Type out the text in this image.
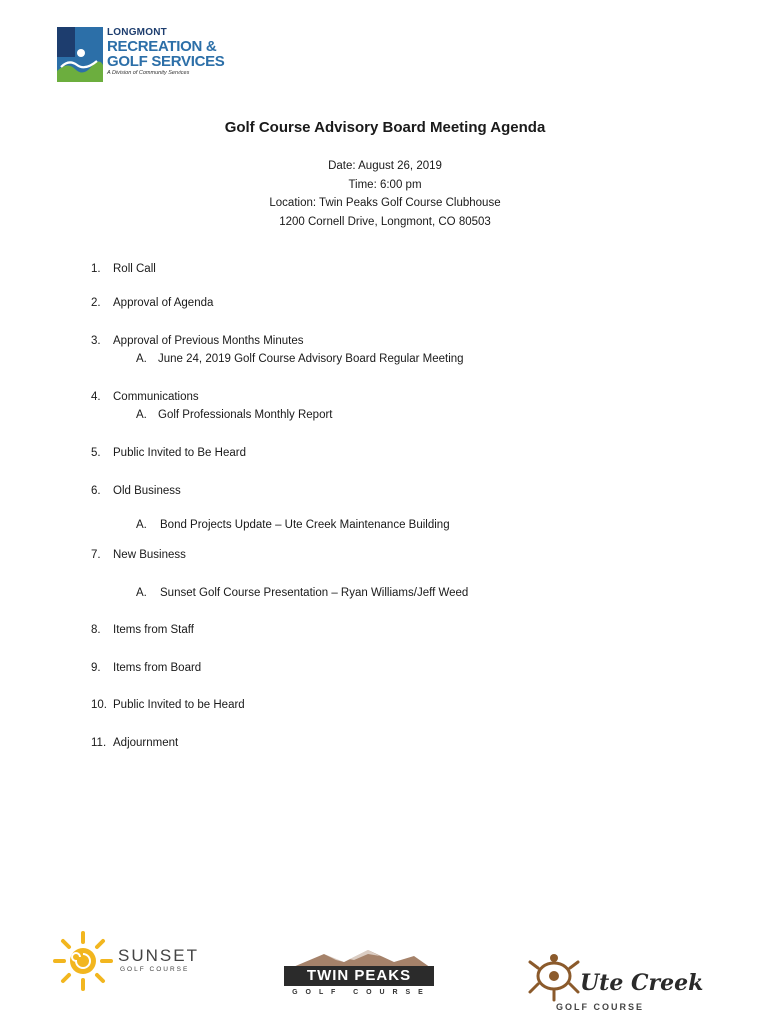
LONGMONT
RECREATION &
GOLF SERVICES
A Division of Community Services
Golf Course Advisory Board Meeting Agenda
Date: August 26, 2019
Time: 6:00 pm
Location: Twin Peaks Golf Course Clubhouse
1200 Cornell Drive, Longmont, CO 80503
1. Roll Call
2. Approval of Agenda
3. Approval of Previous Months Minutes
A. June 24, 2019 Golf Course Advisory Board Regular Meeting
4. Communications
A. Golf Professionals Monthly Report
5. Public Invited to Be Heard
6. Old Business
A. Bond Projects Update – Ute Creek Maintenance Building
7. New Business
A. Sunset Golf Course Presentation – Ryan Williams/Jeff Weed
8. Items from Staff
9. Items from Board
10. Public Invited to be Heard
11. Adjournment
SUNSET
GOLF COURSE	TWIN PEAKS
G O L F   C O U R S E	Ute Creek
GOLF COURSE
